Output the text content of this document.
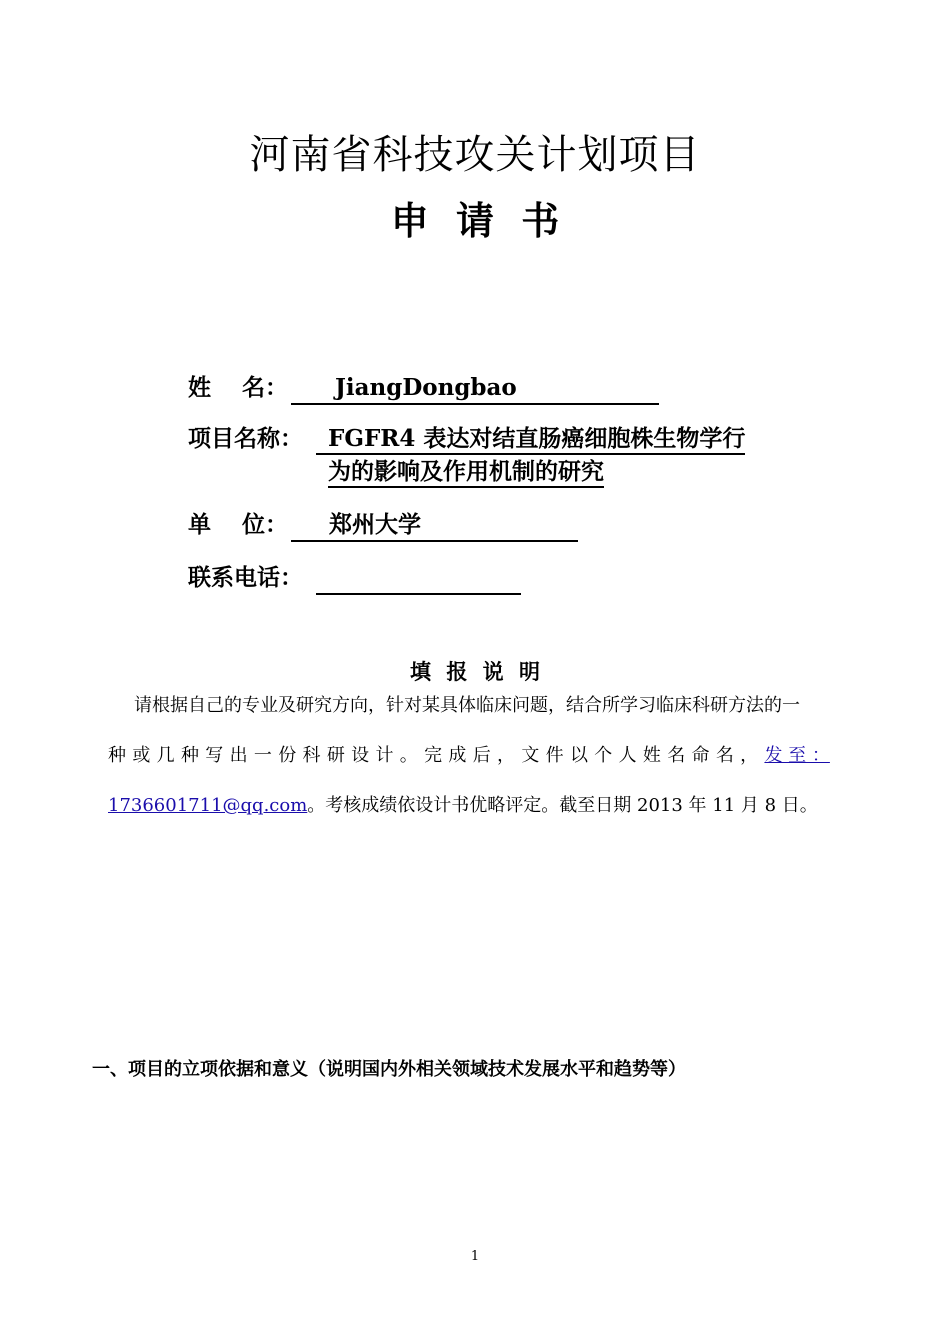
河南省科技攻关计划项目
申 请 书
姓　 名：	JiangDongbao
项目名称：	FGFR4 表达对结直肠癌细胞株生物学行
为的影响及作用机制的研究
单　 位：	郑州大学
联系电话：
填 报 说 明
请根据自己的专业及研究方向，针对某具体临床问题，结合所学习临床科研方法的一
种 或 几 种 写 出 一 份 科 研 设 计 。 完 成 后 ， 文 件 以 个 人 姓 名 命 名 ， 发 至 ：
1736601711@qq.com。考核成绩依设计书优略评定。截至日期 2013 年 11 月 8 日。
一、项目的立项依据和意义（说明国内外相关领域技术发展水平和趋势等）
1
